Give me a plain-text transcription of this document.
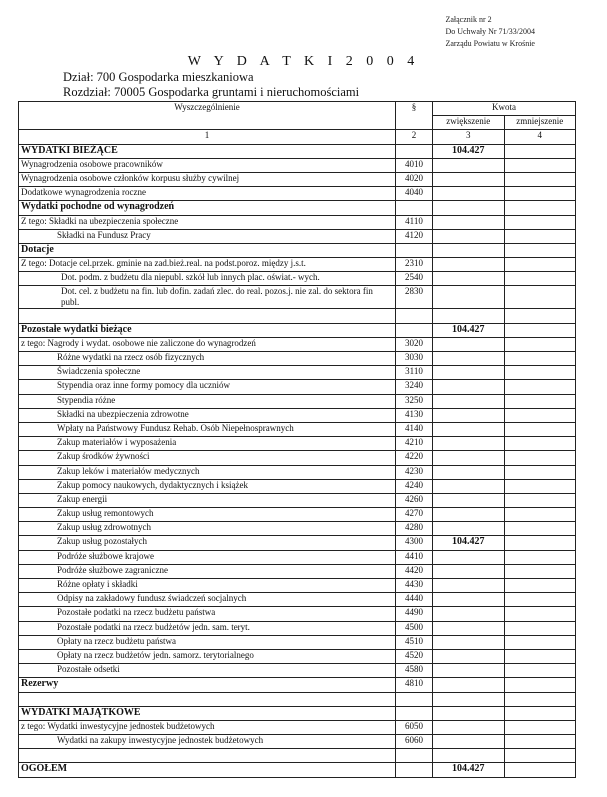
Załącznik nr 2
Do Uchwały Nr 71/33/2004
Zarządu Powiatu w Krośnie
W Y D A T K I 2 0 0 4
Dział: 700 Gospodarka mieszkaniowa
Rozdział: 70005 Gospodarka gruntami i nieruchomościami
Wyszczególnienie	§	Kwota	
		zwiększenie	zmniejszenie
1	2	3	4
WYDATKI BIEŻĄCE		104.427	
Wynagrodzenia osobowe pracowników	4010		
Wynagrodzenia osobowe członków korpusu służby cywilnej	4020		
Dodatkowe wynagrodzenia roczne	4040		
Wydatki pochodne od wynagrodzeń			
Z tego: Składki na ubezpieczenia społeczne	4110		
Składki na Fundusz Pracy	4120		
Dotacje			
Z tego: Dotacje cel.przek. gminie na zad.bież.real. na podst.poroz. między j.s.t.	2310		
Dot. podm. z budżetu dla niepubl. szkół lub innych plac. oświat.- wych.	2540		
Dot. cel. z budżetu na fin. lub dofin. zadań zlec. do real. pozos.j. nie zal. do sektora fin publ.	2830		

Pozostałe wydatki bieżące		104.427	
z tego: Nagrody i wydat. osobowe nie zaliczone do wynagrodzeń	3020		
Różne wydatki na rzecz osób fizycznych	3030		
Świadczenia społeczne	3110		
Stypendia oraz inne formy pomocy dla uczniów	3240		
Stypendia różne	3250		
Składki na ubezpieczenia zdrowotne	4130		
Wpłaty na Państwowy Fundusz Rehab. Osób Niepełnosprawnych	4140		
Zakup materiałów i wyposażenia	4210		
Zakup środków żywności	4220		
Zakup leków i materiałów medycznych	4230		
Zakup pomocy naukowych, dydaktycznych i książek	4240		
Zakup energii	4260		
Zakup usług remontowych	4270		
Zakup usług zdrowotnych	4280		
Zakup usług pozostałych	4300	104.427	
Podróże służbowe krajowe	4410		
Podróże służbowe zagraniczne	4420		
Różne opłaty i składki	4430		
Odpisy na zakładowy fundusz świadczeń socjalnych	4440		
Pozostałe podatki na rzecz budżetu państwa	4490		
Pozostałe podatki na rzecz budżetów jedn. sam. teryt.	4500		
Opłaty na rzecz budżetu państwa	4510		
Opłaty na rzecz budżetów jedn. samorz. terytorialnego	4520		
Pozostałe odsetki	4580		
Rezerwy	4810		

WYDATKI MAJĄTKOWE			
z tego: Wydatki inwestycyjne jednostek budżetowych	6050		
Wydatki na zakupy inwestycyjne jednostek budżetowych	6060		

OGÓŁEM		104.427	
